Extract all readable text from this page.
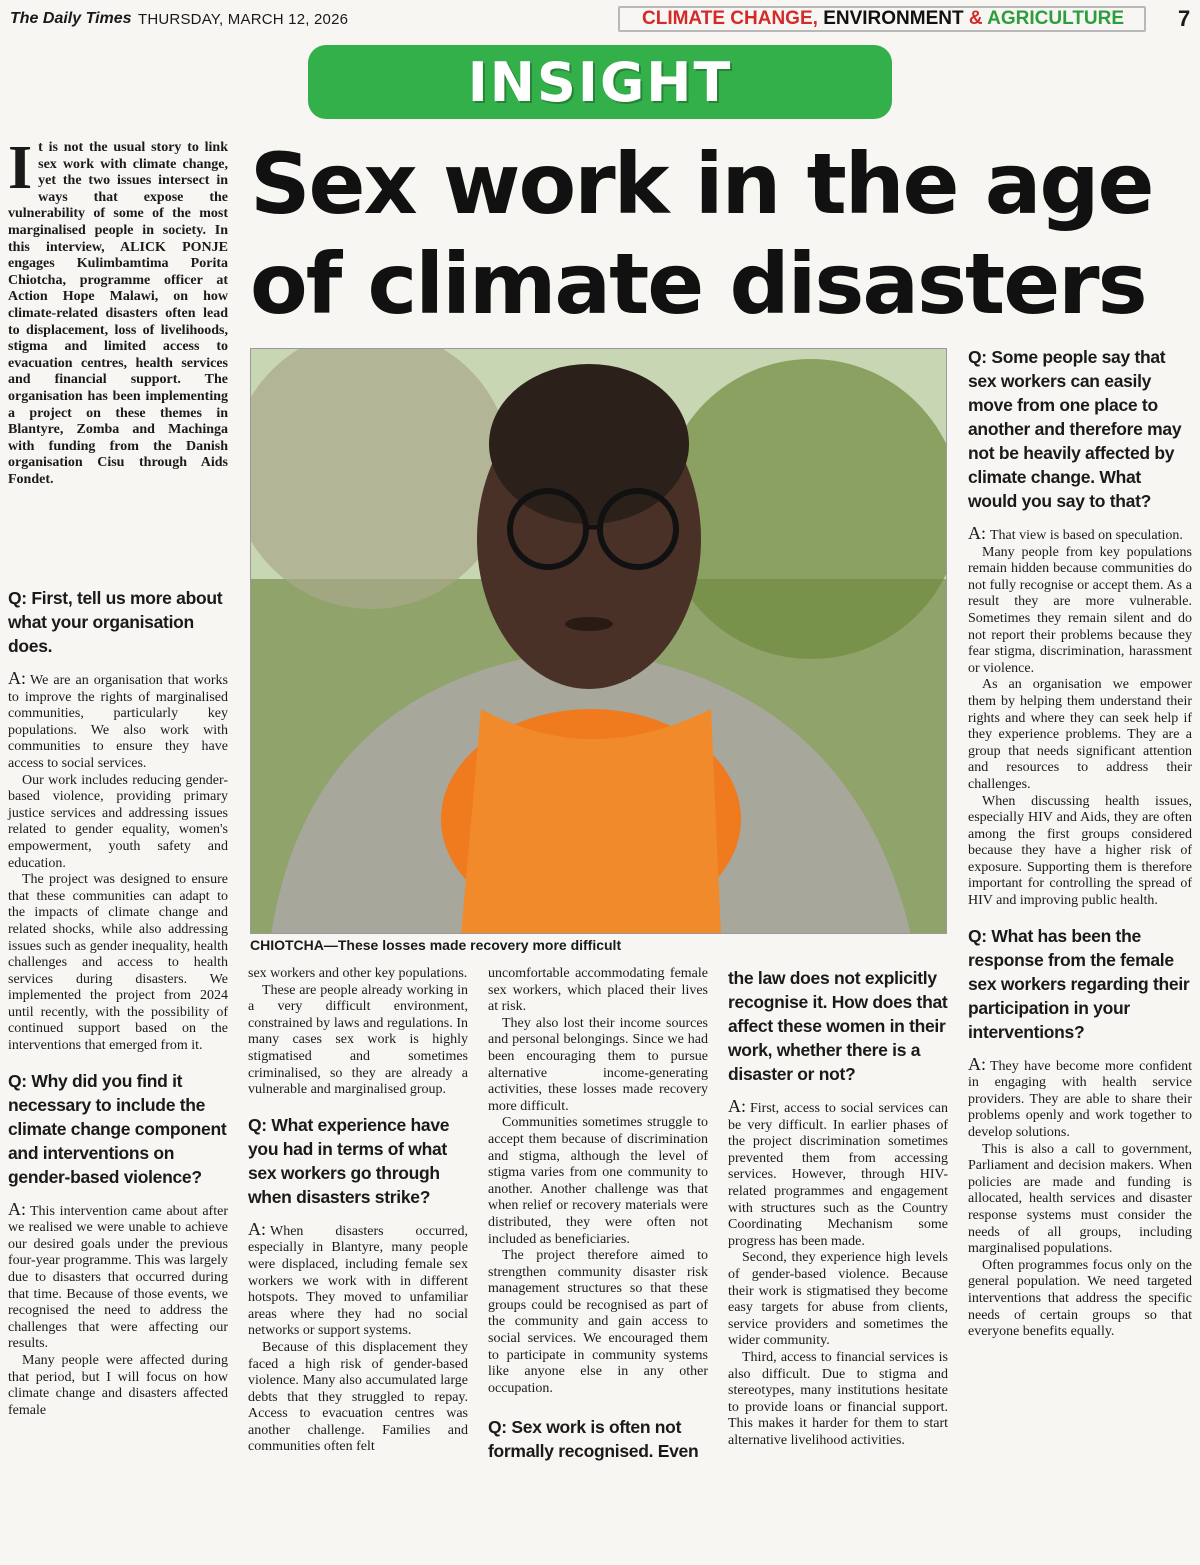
The Daily Times THURSDAY, MARCH 12, 2026	CLIMATE CHANGE, ENVIRONMENT & AGRICULTURE	7
INSIGHT
Sex work in the age of climate disasters
I t is not the usual story to link sex work with climate change, yet the two issues intersect in ways that expose the vulnerability of some of the most marginalised people in society. In this interview, ALICK PONJE engages Kulimbamtima Porita Chiotcha, programme officer at Action Hope Malawi, on how climate-related disasters often lead to displacement, loss of livelihoods, stigma and limited access to evacuation centres, health services and financial support. The organisation has been implementing a project on these themes in Blantyre, Zomba and Machinga with funding from the Danish organisation Cisu through Aids Fondet.
CHIOTCHA—These losses made recovery more difficult
Q: First, tell us more about what your organisation does.

A: We are an organisation that works to improve the rights of marginalised communities, particularly key populations. We also work with communities to ensure they have access to social services.

Our work includes reducing gender-based violence, providing primary justice services and addressing issues related to gender equality, women's empowerment, youth safety and education.

The project was designed to ensure that these communities can adapt to the impacts of climate change and related shocks, while also addressing issues such as gender inequality, health challenges and access to health services during disasters. We implemented the project from 2024 until recently, with the possibility of continued support based on the interventions that emerged from it.

Q: Why did you find it necessary to include the climate change component and interventions on gender-based violence?

A: This intervention came about after we realised we were unable to achieve our desired goals under the previous four-year programme. This was largely due to disasters that occurred during that time. Because of those events, we recognised the need to address the challenges that were affecting our results.

Many people were affected during that period, but I will focus on how climate change and disasters affected female

sex workers and other key populations.

These are people already working in a very difficult environment, constrained by laws and regulations. In many cases sex work is highly stigmatised and sometimes criminalised, so they are already a vulnerable and marginalised group.

Q: What experience have you had in terms of what sex workers go through when disasters strike?

A: When disasters occurred, especially in Blantyre, many people were displaced, including female sex workers we work with in different hotspots. They moved to unfamiliar areas where they had no social networks or support systems.

Because of this displacement they faced a high risk of gender-based violence. Many also accumulated large debts that they struggled to repay. Access to evacuation centres was another challenge. Families and communities often felt

uncomfortable accommodating female sex workers, which placed their lives at risk.

They also lost their income sources and personal belongings. Since we had been encouraging them to pursue alternative income-generating activities, these losses made recovery more difficult.

Communities sometimes struggle to accept them because of discrimination and stigma, although the level of stigma varies from one community to another. Another challenge was that when relief or recovery materials were distributed, they were often not included as beneficiaries.

The project therefore aimed to strengthen community disaster risk management structures so that these groups could be recognised as part of the community and gain access to social services. We encouraged them to participate in community systems like anyone else in any other occupation.

Q: Sex work is often not formally recognised. Even
the law does not explicitly recognise it. How does that affect these women in their work, whether there is a disaster or not?

A: First, access to social services can be very difficult. In earlier phases of the project discrimination sometimes prevented them from accessing services. However, through HIV-related programmes and engagement with structures such as the Country Coordinating Mechanism some progress has been made.

Second, they experience high levels of gender-based violence. Because their work is stigmatised they become easy targets for abuse from clients, service providers and sometimes the wider community.

Third, access to financial services is also difficult. Due to stigma and stereotypes, many institutions hesitate to provide loans or financial support. This makes it harder for them to start alternative livelihood activities.

Q: Some people say that sex workers can easily move from one place to another and therefore may not be heavily affected by climate change. What would you say to that?

A: That view is based on speculation.

Many people from key populations remain hidden because communities do not fully recognise or accept them. As a result they are more vulnerable. Sometimes they remain silent and do not report their problems because they fear stigma, discrimination, harassment or violence.

As an organisation we empower them by helping them understand their rights and where they can seek help if they experience problems. They are a group that needs significant attention and resources to address their challenges.

When discussing health issues, especially HIV and Aids, they are often among the first groups considered because they have a higher risk of exposure. Supporting them is therefore important for controlling the spread of HIV and improving public health.

Q: What has been the response from the female sex workers regarding their participation in your interventions?

A: They have become more confident in engaging with health service providers. They are able to share their problems openly and work together to develop solutions.

This is also a call to government, Parliament and decision makers. When policies are made and funding is allocated, health services and disaster response systems must consider the needs of all groups, including marginalised populations.

Often programmes focus only on the general population. We need targeted interventions that address the specific needs of certain groups so that everyone benefits equally.
